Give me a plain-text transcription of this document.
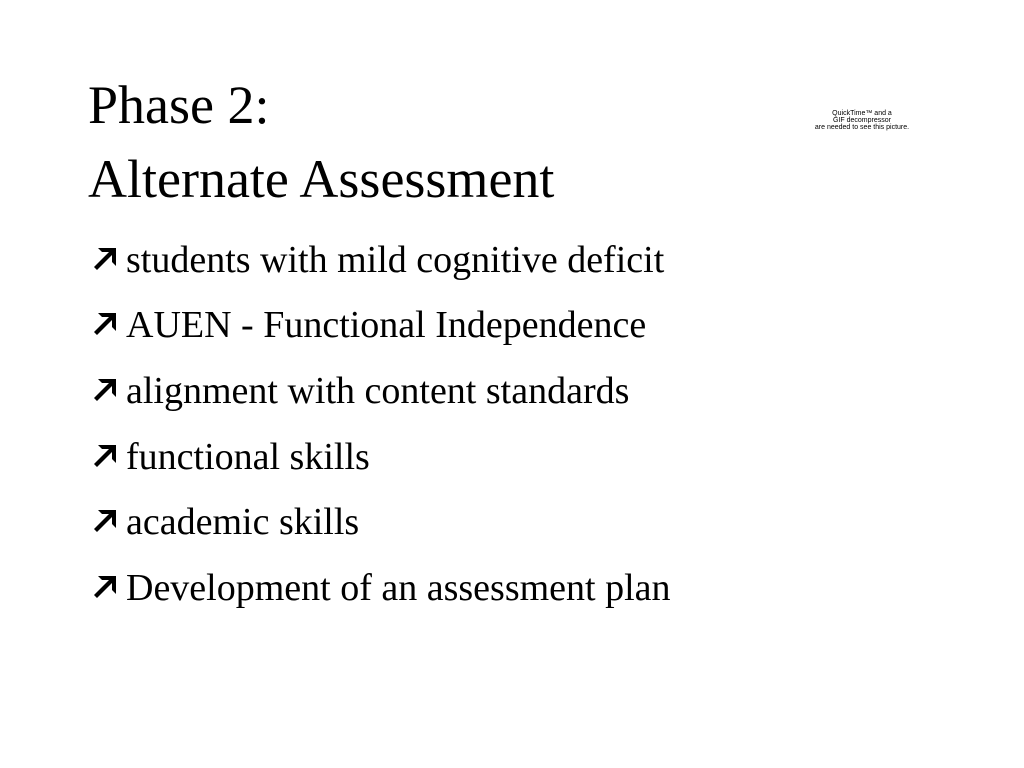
Phase 2:
Alternate Assessment
QuickTime™ and a
GIF decompressor
are needed to see this picture.
students with mild cognitive deficit
AUEN - Functional Independence
alignment with content standards
functional skills
academic skills
Development of an assessment plan
